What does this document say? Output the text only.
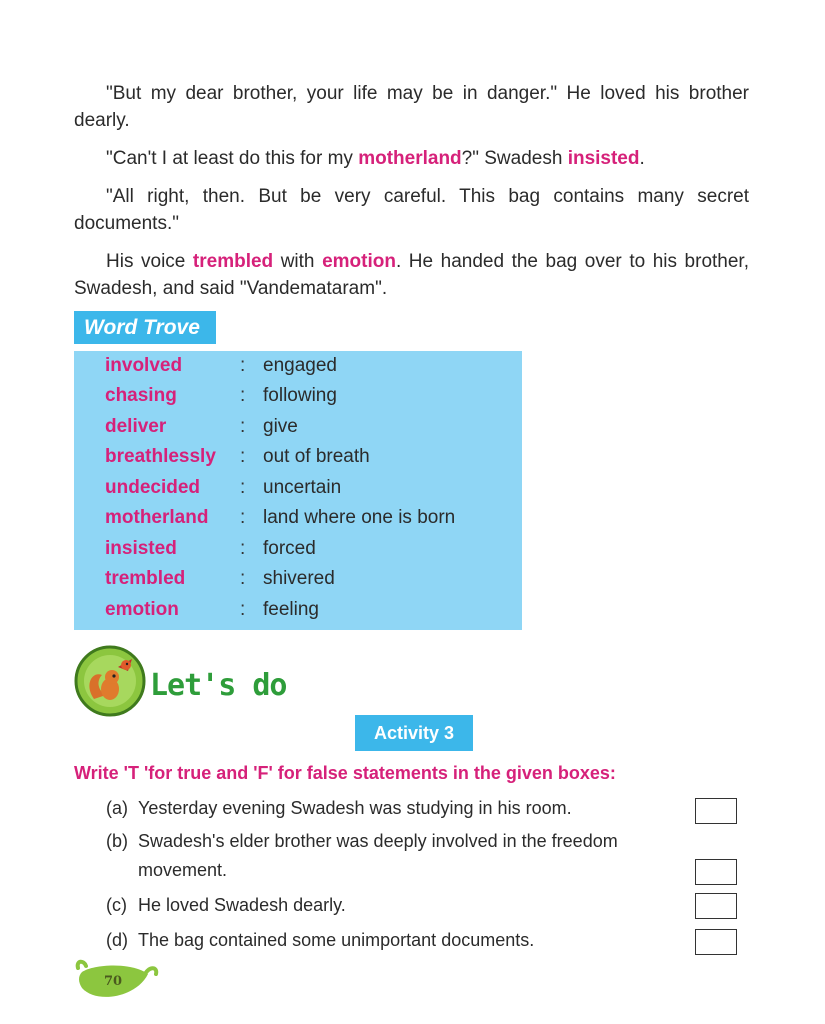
"But my dear brother, your life may be in danger." He loved his brother dearly.

"Can't I at least do this for my motherland?" Swadesh insisted.

"All right, then. But be very careful. This bag contains many secret documents."

His voice trembled with emotion. He handed the bag over to his brother, Swadesh, and said "Vandemataram".

Word Trove
involved	: engaged
chasing	: following
deliver	: give
breathlessly : out of breath
undecided : uncertain
motherland : land where one is born
insisted	: forced
trembled	: shivered
emotion	: feeling
Let's do
Activity 3
Write 'T 'for true and 'F' for false statements in the given boxes:
(a) Yesterday evening Swadesh was studying in his room.
(b) Swadesh's elder brother was deeply involved in the freedom movement.
(c) He loved Swadesh dearly.
(d) The bag contained some unimportant documents.
70
